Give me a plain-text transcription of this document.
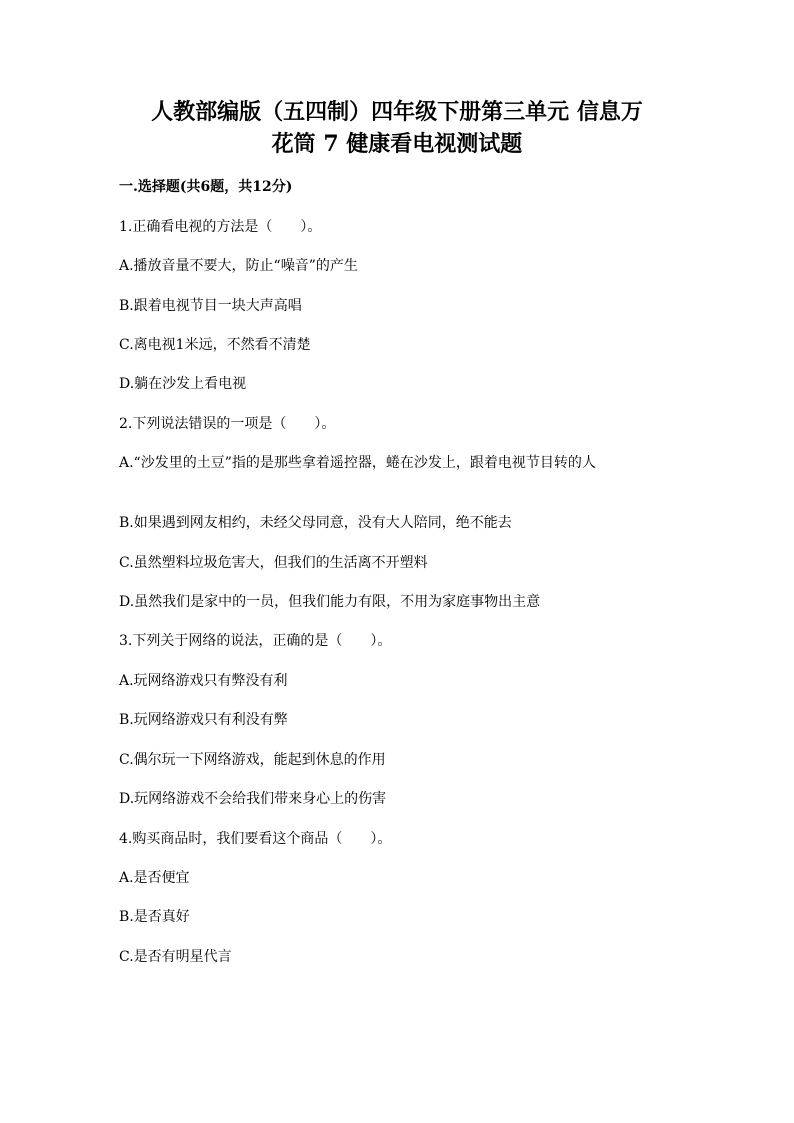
人教部编版（五四制）四年级下册第三单元 信息万
花筒 7 健康看电视测试题

一.选择题(共6题，共12分)

1.正确看电视的方法是（　　）。

A.播放音量不要大，防止“噪音”的产生

B.跟着电视节目一块大声高唱

C.离电视1米远，不然看不清楚

D.躺在沙发上看电视

2.下列说法错误的一项是（　　）。

A.“沙发里的土豆”指的是那些拿着遥控器，蜷在沙发上，跟着电视节目转的人

B.如果遇到网友相约，未经父母同意，没有大人陪同，绝不能去

C.虽然塑料垃圾危害大，但我们的生活离不开塑料

D.虽然我们是家中的一员，但我们能力有限，不用为家庭事物出主意

3.下列关于网络的说法，正确的是（　　）。

A.玩网络游戏只有弊没有利

B.玩网络游戏只有利没有弊

C.偶尔玩一下网络游戏，能起到休息的作用

D.玩网络游戏不会给我们带来身心上的伤害

4.购买商品时，我们要看这个商品（　　）。

A.是否便宜

B.是否真好

C.是否有明星代言
